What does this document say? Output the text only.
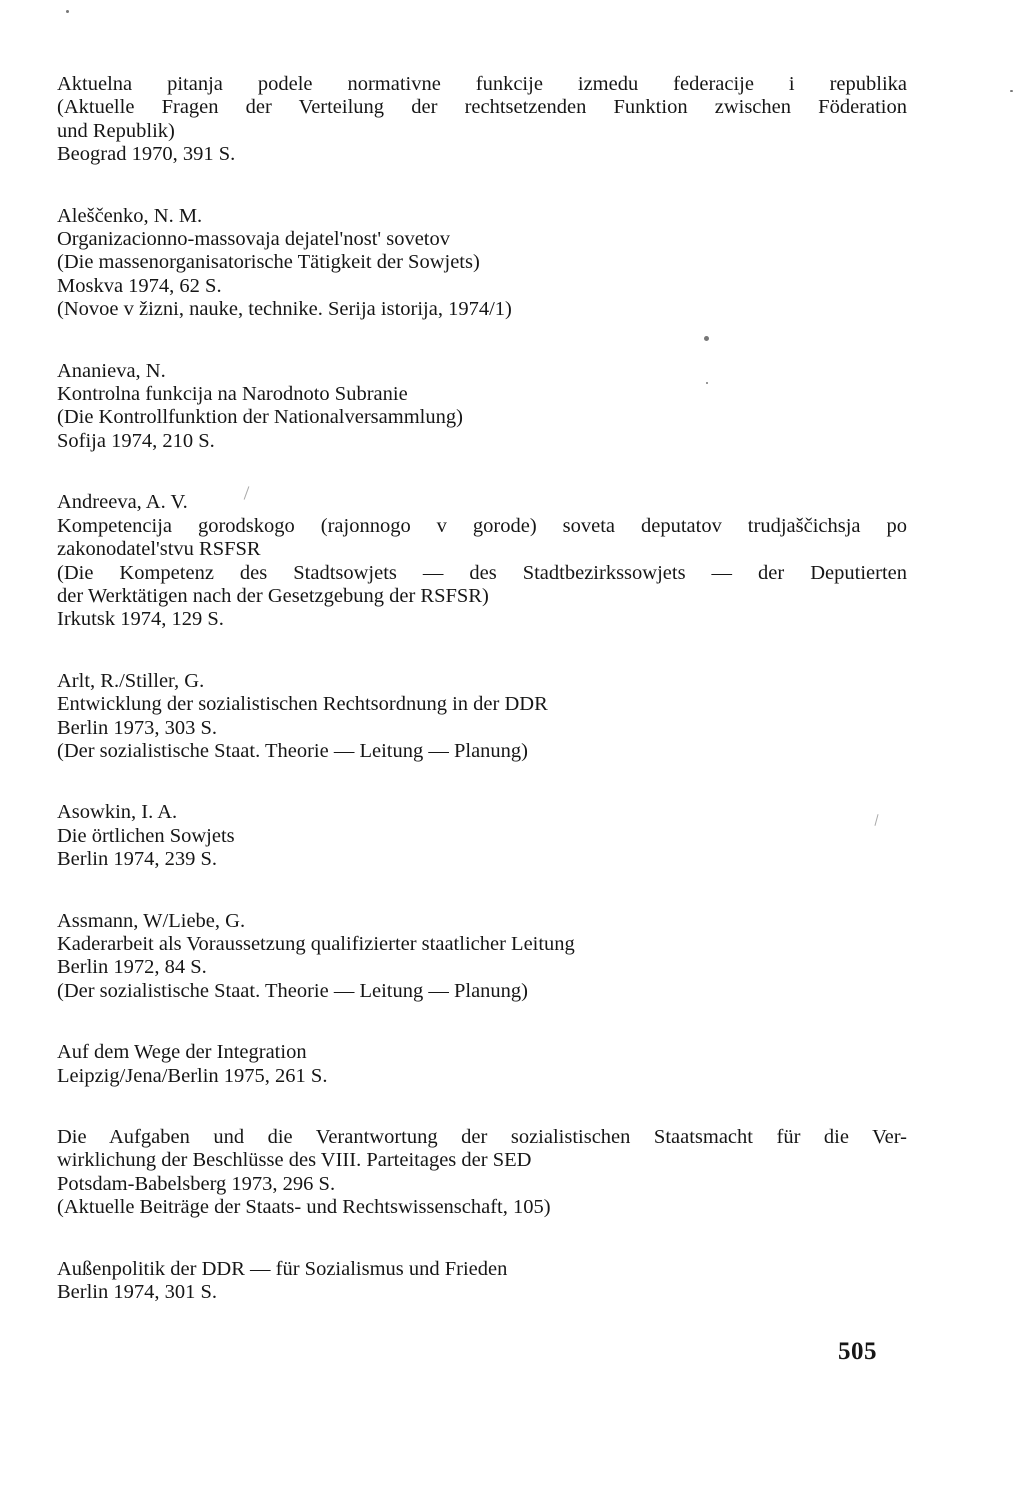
Aktuelna pitanja podele normativne funkcije izmedu federacije i republika
(Aktuelle Fragen der Verteilung der rechtsetzenden Funktion zwischen Föderation
und Republik)
Beograd 1970, 391 S.
Aleščenko, N. M.
Organizacionno-massovaja dejatel'nost' sovetov
(Die massenorganisatorische Tätigkeit der Sowjets)
Moskva 1974, 62 S.
(Novoe v žizni, nauke, technike. Serija istorija, 1974/1)
Ananieva, N.
Kontrolna funkcija na Narodnoto Subranie
(Die Kontrollfunktion der Nationalversammlung)
Sofija 1974, 210 S.
Andreeva, A. V.
Kompetencija gorodskogo (rajonnogo v gorode) soveta deputatov trudjaščichsja po
zakonodatel'stvu RSFSR
(Die Kompetenz des Stadtsowjets — des Stadtbezirkssowjets — der Deputierten
der Werktätigen nach der Gesetzgebung der RSFSR)
Irkutsk 1974, 129 S.
Arlt, R./Stiller, G.
Entwicklung der sozialistischen Rechtsordnung in der DDR
Berlin 1973, 303 S.
(Der sozialistische Staat. Theorie — Leitung — Planung)
Asowkin, I. A.
Die örtlichen Sowjets
Berlin 1974, 239 S.
Assmann, W/Liebe, G.
Kaderarbeit als Voraussetzung qualifizierter staatlicher Leitung
Berlin 1972, 84 S.
(Der sozialistische Staat. Theorie — Leitung — Planung)
Auf dem Wege der Integration
Leipzig/Jena/Berlin 1975, 261 S.
Die Aufgaben und die Verantwortung der sozialistischen Staatsmacht für die Ver-
wirklichung der Beschlüsse des VIII. Parteitages der SED
Potsdam-Babelsberg 1973, 296 S.
(Aktuelle Beiträge der Staats- und Rechtswissenschaft, 105)
Außenpolitik der DDR — für Sozialismus und Frieden
Berlin 1974, 301 S.
505
